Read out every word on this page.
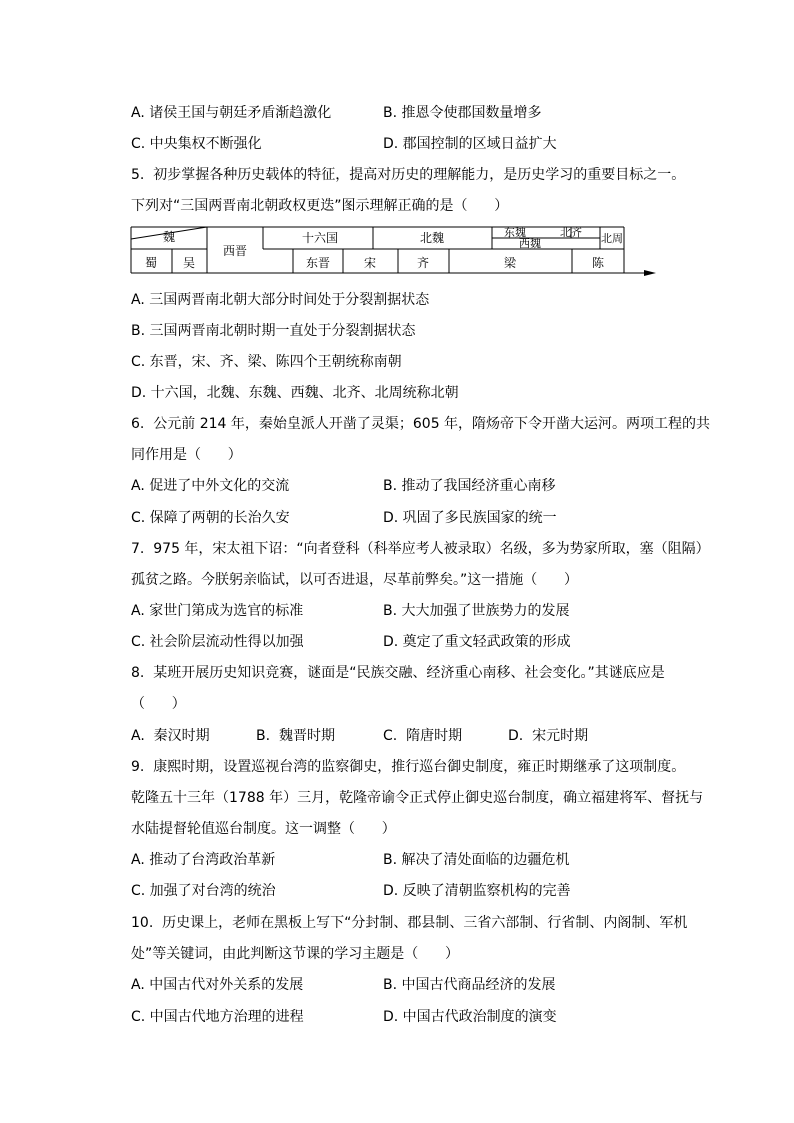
A. 诸侯王国与朝廷矛盾渐趋激化	B. 推恩令使郡国数量增多
C. 中央集权不断强化	D. 郡国控制的区域日益扩大
5.  初步掌握各种历史载体的特征，提高对历史的理解能力，是历史学习的重要目标之一。
下列对“三国两晋南北朝政权更迭”图示理解正确的是（      ）
魏
蜀 吴
西晋
十六国	北魏	东魏	北齐
西魏	北周
东晋	宋	齐	梁	陈
A. 三国两晋南北朝大部分时间处于分裂割据状态
B. 三国两晋南北朝时期一直处于分裂割据状态
C. 东晋，宋、齐、梁、陈四个王朝统称南朝
D. 十六国，北魏、东魏、西魏、北齐、北周统称北朝
6.  公元前 214 年，秦始皇派人开凿了灵渠；605 年，隋炀帝下令开凿大运河。两项工程的共
同作用是（      ）
A. 促进了中外文化的交流	B. 推动了我国经济重心南移
C. 保障了两朝的长治久安	D. 巩固了多民族国家的统一
7.  975 年，宋太祖下诏：“向者登科（科举应考人被录取）名级，多为势家所取，塞（阻隔）
孤贫之路。今朕躬亲临试，以可否进退，尽革前弊矣。”这一措施（      ）
A. 家世门第成为选官的标准	B. 大大加强了世族势力的发展
C. 社会阶层流动性得以加强	D. 奠定了重文轻武政策的形成
8.  某班开展历史知识竞赛，谜面是“民族交融、经济重心南移、社会变化。”其谜底应是
（      ）
A.  秦汉时期	B.  魏晋时期	C.  隋唐时期	D.  宋元时期
9.  康熙时期，设置巡视台湾的监察御史，推行巡台御史制度，雍正时期继承了这项制度。
乾隆五十三年（1788 年）三月，乾隆帝谕令正式停止御史巡台制度，确立福建将军、督抚与
水陆提督轮值巡台制度。这一调整（      ）
A. 推动了台湾政治革新	B. 解决了清处面临的边疆危机
C. 加强了对台湾的统治	D. 反映了清朝监察机构的完善
10.  历史课上，老师在黑板上写下“分封制、郡县制、三省六部制、行省制、内阁制、军机
处”等关键词，由此判断这节课的学习主题是（      ）
A. 中国古代对外关系的发展	B. 中国古代商品经济的发展
C. 中国古代地方治理的进程	D. 中国古代政治制度的演变
